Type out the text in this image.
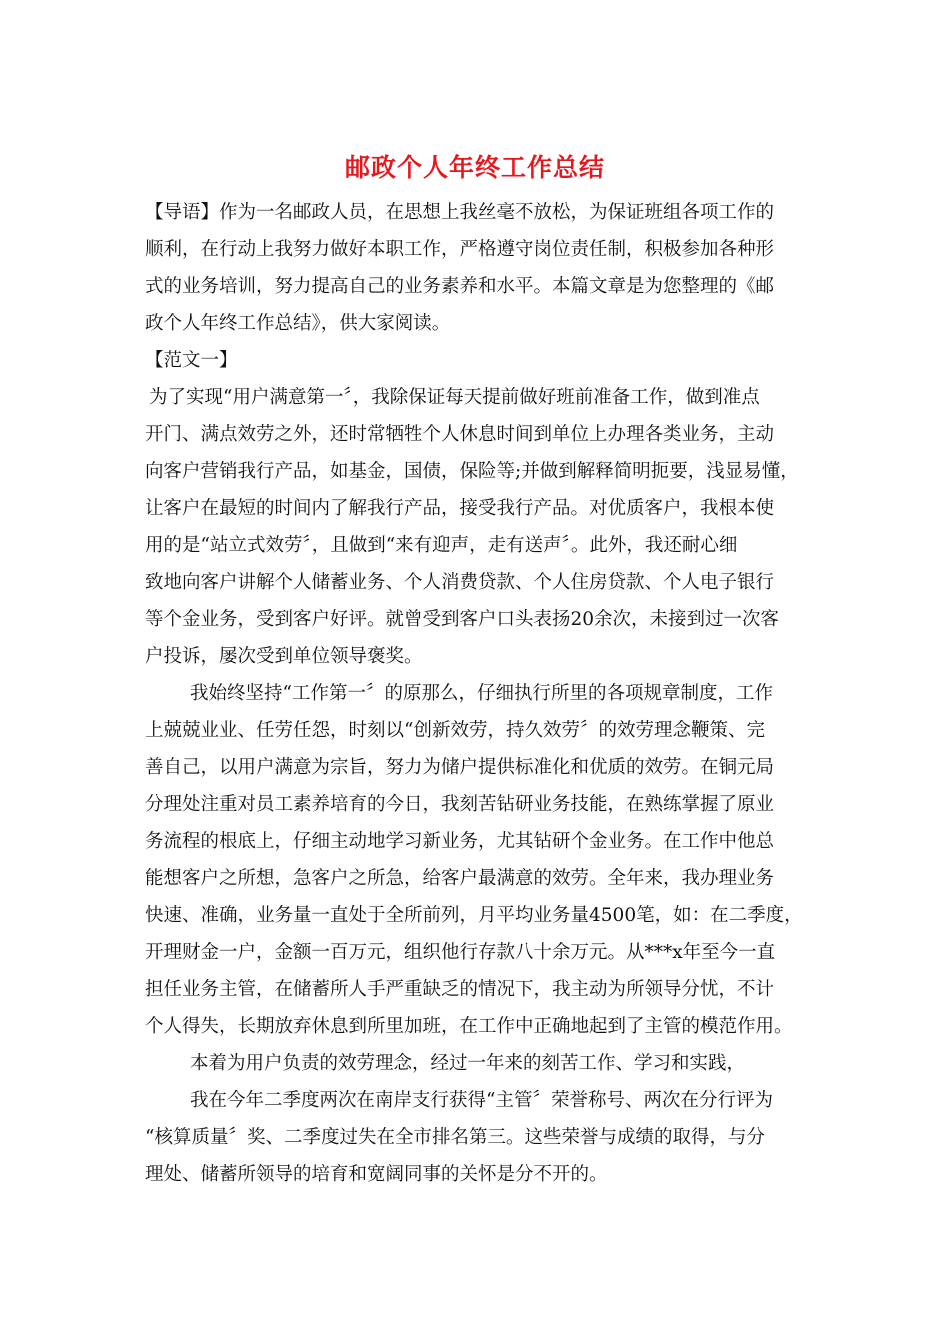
邮政个人年终工作总结
【导语】作为一名邮政人员，在思想上我丝毫不放松，为保证班组各项工作的
顺利，在行动上我努力做好本职工作，严格遵守岗位责任制，积极参加各种形
式的业务培训，努力提高自己的业务素养和水平。本篇文章是为您整理的《邮
政个人年终工作总结》，供大家阅读。
【范文一】
为了实现“用户满意第一〞，我除保证每天提前做好班前准备工作，做到准点
开门、满点效劳之外，还时常牺牲个人休息时间到单位上办理各类业务，主动
向客户营销我行产品，如基金，国债，保险等;并做到解释简明扼要，浅显易懂，
让客户在最短的时间内了解我行产品，接受我行产品。对优质客户，我根本使
用的是“站立式效劳〞，且做到“来有迎声，走有送声〞。此外，我还耐心细
致地向客户讲解个人储蓄业务、个人消费贷款、个人住房贷款、个人电子银行
等个金业务，受到客户好评。就曾受到客户口头表扬20余次，未接到过一次客
户投诉，屡次受到单位领导褒奖。
我始终坚持“工作第一〞的原那么，仔细执行所里的各项规章制度，工作
上兢兢业业、任劳任怨，时刻以“创新效劳，持久效劳〞的效劳理念鞭策、完
善自己，以用户满意为宗旨，努力为储户提供标准化和优质的效劳。在铜元局
分理处注重对员工素养培育的今日，我刻苦钻研业务技能，在熟练掌握了原业
务流程的根底上，仔细主动地学习新业务，尤其钻研个金业务。在工作中他总
能想客户之所想，急客户之所急，给客户最满意的效劳。全年来，我办理业务
快速、准确，业务量一直处于全所前列，月平均业务量4500笔，如：在二季度，
开理财金一户，金额一百万元，组织他行存款八十余万元。从***x年至今一直
担任业务主管，在储蓄所人手严重缺乏的情况下，我主动为所领导分忧，不计
个人得失，长期放弃休息到所里加班，在工作中正确地起到了主管的模范作用。
本着为用户负责的效劳理念，经过一年来的刻苦工作、学习和实践，
我在今年二季度两次在南岸支行获得“主管〞荣誉称号、两次在分行评为
“核算质量〞奖、二季度过失在全市排名第三。这些荣誉与成绩的取得，与分
理处、储蓄所领导的培育和宽阔同事的关怀是分不开的。
